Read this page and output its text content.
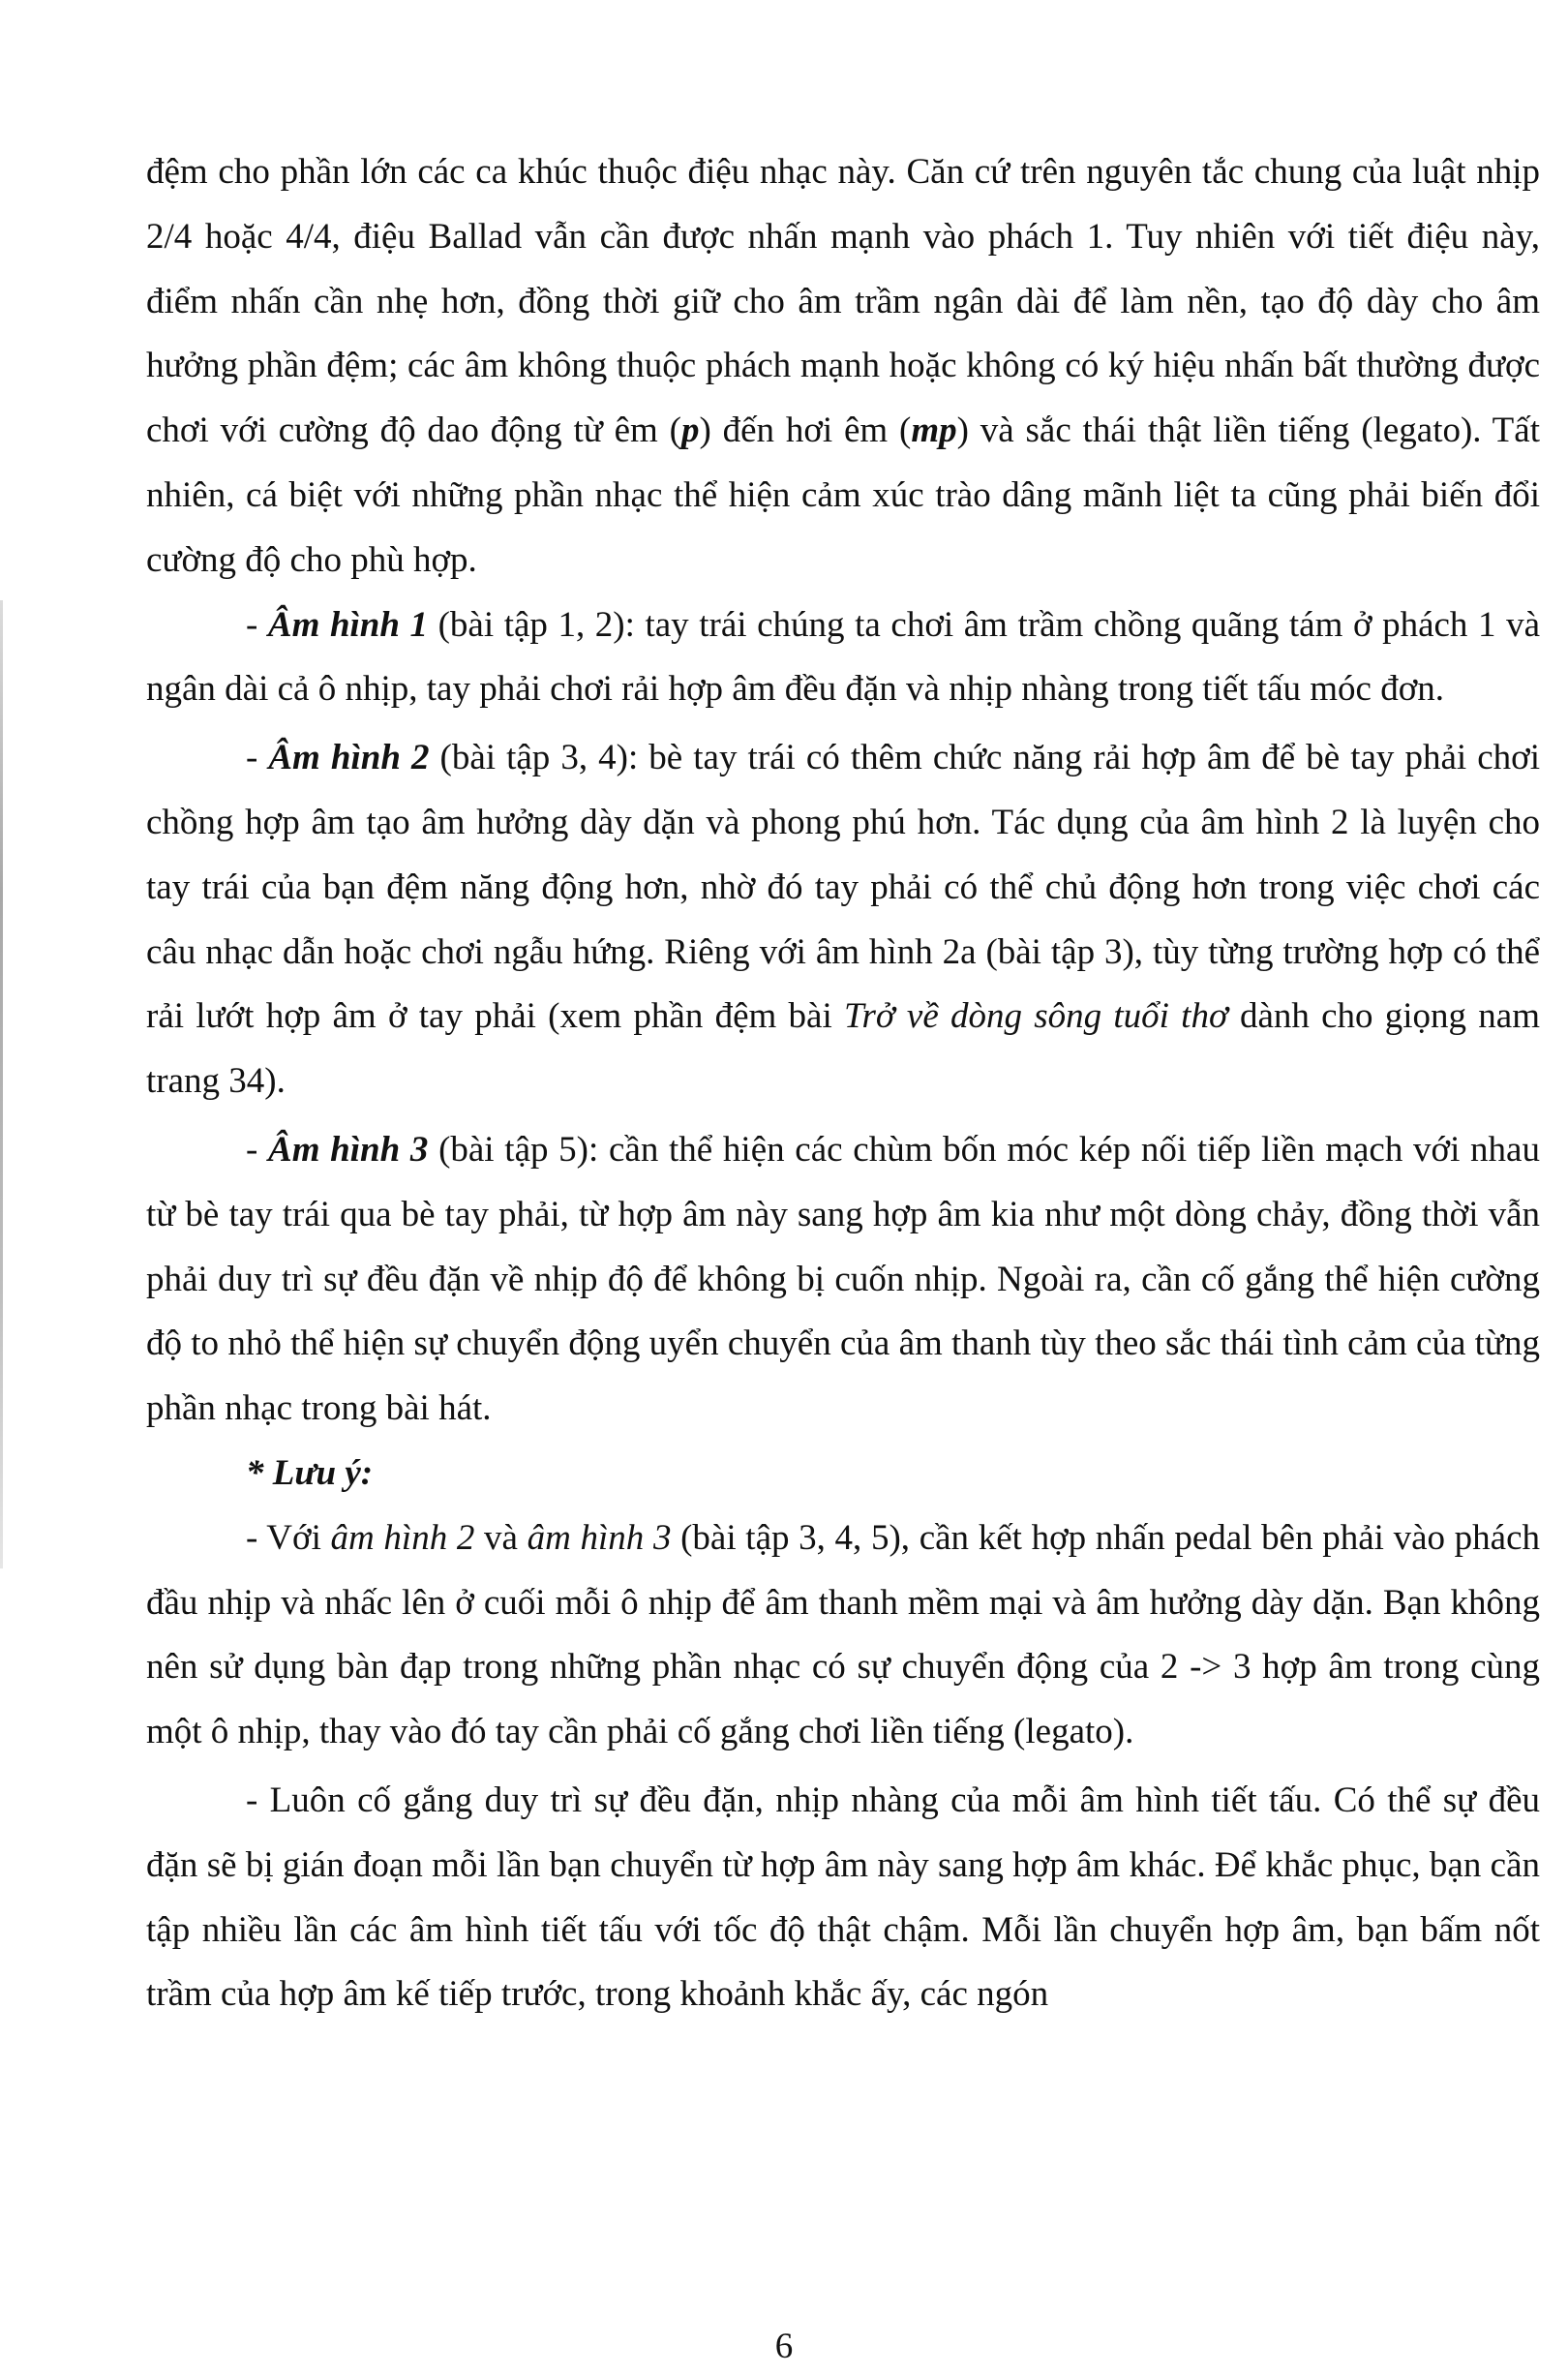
đệm cho phần lớn các ca khúc thuộc điệu nhạc này. Căn cứ trên nguyên tắc chung của luật nhịp 2/4 hoặc 4/4, điệu Ballad vẫn cần được nhấn mạnh vào phách 1. Tuy nhiên với tiết điệu này, điểm nhấn cần nhẹ hơn, đồng thời giữ cho âm trầm ngân dài để làm nền, tạo độ dày cho âm hưởng phần đệm; các âm không thuộc phách mạnh hoặc không có ký hiệu nhấn bất thường được chơi với cường độ dao động từ êm (p) đến hơi êm (mp) và sắc thái thật liền tiếng (legato). Tất nhiên, cá biệt với những phần nhạc thể hiện cảm xúc trào dâng mãnh liệt ta cũng phải biến đổi cường độ cho phù hợp.

- Âm hình 1 (bài tập 1, 2): tay trái chúng ta chơi âm trầm chồng quãng tám ở phách 1 và ngân dài cả ô nhịp, tay phải chơi rải hợp âm đều đặn và nhịp nhàng trong tiết tấu móc đơn.

- Âm hình 2 (bài tập 3, 4): bè tay trái có thêm chức năng rải hợp âm để bè tay phải chơi chồng hợp âm tạo âm hưởng dày dặn và phong phú hơn. Tác dụng của âm hình 2 là luyện cho tay trái của bạn đệm năng động hơn, nhờ đó tay phải có thể chủ động hơn trong việc chơi các câu nhạc dẫn hoặc chơi ngẫu hứng. Riêng với âm hình 2a (bài tập 3), tùy từng trường hợp có thể rải lướt hợp âm ở tay phải (xem phần đệm bài Trở về dòng sông tuổi thơ dành cho giọng nam trang 34).

- Âm hình 3 (bài tập 5): cần thể hiện các chùm bốn móc kép nối tiếp liền mạch với nhau từ bè tay trái qua bè tay phải, từ hợp âm này sang hợp âm kia như một dòng chảy, đồng thời vẫn phải duy trì sự đều đặn về nhịp độ để không bị cuốn nhịp. Ngoài ra, cần cố gắng thể hiện cường độ to nhỏ thể hiện sự chuyển động uyển chuyển của âm thanh tùy theo sắc thái tình cảm của từng phần nhạc trong bài hát.

* Lưu ý:

- Với âm hình 2 và âm hình 3 (bài tập 3, 4, 5), cần kết hợp nhấn pedal bên phải vào phách đầu nhịp và nhấc lên ở cuối mỗi ô nhịp để âm thanh mềm mại và âm hưởng dày dặn. Bạn không nên sử dụng bàn đạp trong những phần nhạc có sự chuyển động của 2 -> 3 hợp âm trong cùng một ô nhịp, thay vào đó tay cần phải cố gắng chơi liền tiếng (legato).

- Luôn cố gắng duy trì sự đều đặn, nhịp nhàng của mỗi âm hình tiết tấu. Có thể sự đều đặn sẽ bị gián đoạn mỗi lần bạn chuyển từ hợp âm này sang hợp âm khác. Để khắc phục, bạn cần tập nhiều lần các âm hình tiết tấu với tốc độ thật chậm. Mỗi lần chuyển hợp âm, bạn bấm nốt trầm của hợp âm kế tiếp trước, trong khoảnh khắc ấy, các ngón

6
